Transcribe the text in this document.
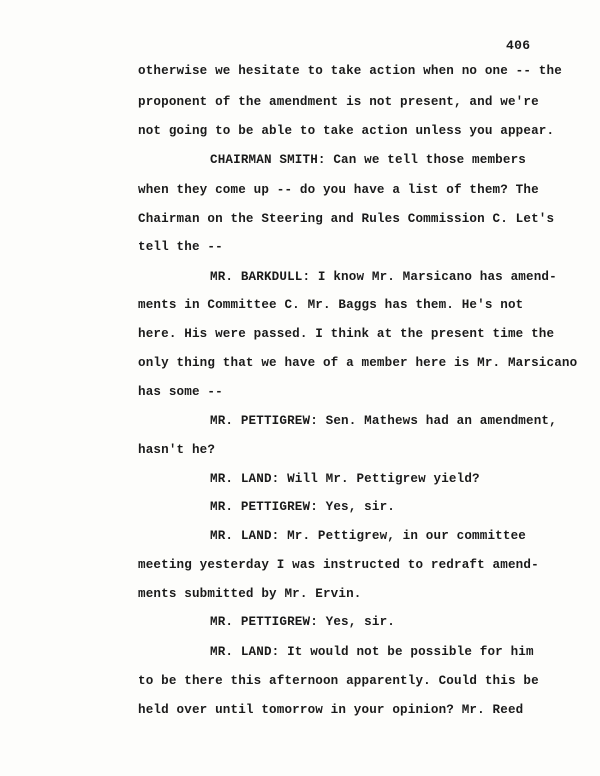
406
otherwise we hesitate to take action when no one -- the
proponent of the amendment is not present, and we're
not going to be able to take action unless you appear.
CHAIRMAN SMITH: Can we tell those members
when they come up -- do you have a list of them? The
Chairman on the Steering and Rules Commission C. Let's
tell the --
MR. BARKDULL: I know Mr. Marsicano has amend-
ments in Committee C. Mr. Baggs has them. He's not
here. His were passed. I think at the present time the
only thing that we have of a member here is Mr. Marsicano
has some --
MR. PETTIGREW: Sen. Mathews had an amendment,
hasn't he?
MR. LAND: Will Mr. Pettigrew yield?
MR. PETTIGREW: Yes, sir.
MR. LAND: Mr. Pettigrew, in our committee
meeting yesterday I was instructed to redraft amend-
ments submitted by Mr. Ervin.
MR. PETTIGREW: Yes, sir.
MR. LAND: It would not be possible for him
to be there this afternoon apparently. Could this be
held over until tomorrow in your opinion? Mr. Reed
